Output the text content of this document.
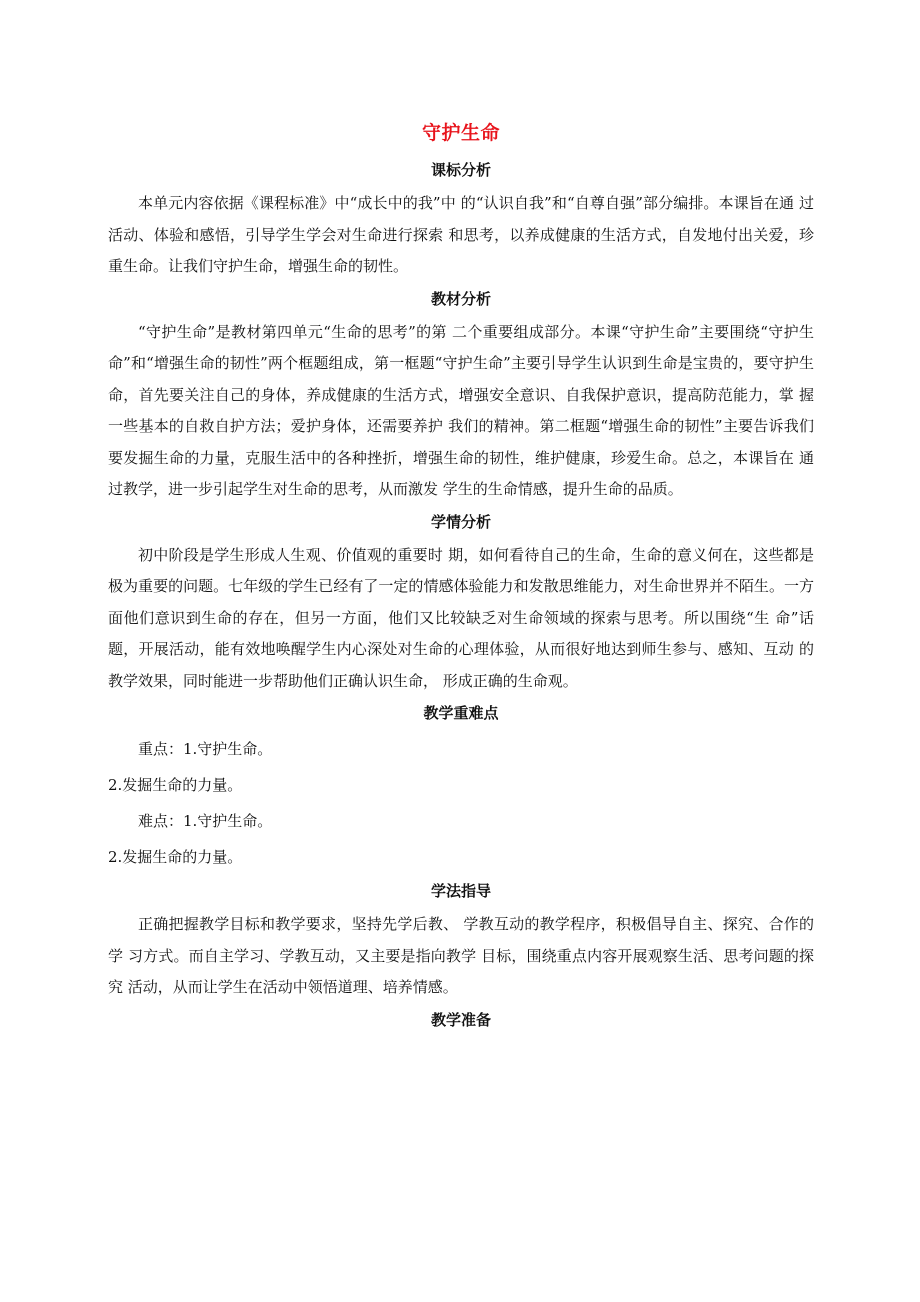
守护生命
课标分析

本单元内容依据《课程标准》中“成长中的我”中 的“认识自我”和“自尊自强”部分编排。本课旨在通 过活动、体验和感悟，引导学生学会对生命进行探索 和思考，以养成健康的生活方式，自发地付出关爱，珍 重生命。让我们守护生命，增强生命的韧性。

教材分析

“守护生命”是教材第四单元“生命的思考”的第 二个重要组成部分。本课“守护生命”主要围绕“守护生命”和“增强生命的韧性”两个框题组成，第一框题“守护生命”主要引导学生认识到生命是宝贵的，要守护生命，首先要关注自己的身体，养成健康的生活方式，增强安全意识、自我保护意识，提高防范能力，掌 握一些基本的自救自护方法；爱护身体，还需要养护 我们的精神。第二框题“增强生命的韧性”主要告诉我们要发掘生命的力量，克服生活中的各种挫折，增强生命的韧性，维护健康，珍爱生命。总之，本课旨在 通过教学，进一步引起学生对生命的思考，从而激发 学生的生命情感，提升生命的品质。

学情分析

初中阶段是学生形成人生观、价值观的重要时 期，如何看待自己的生命，生命的意义何在，这些都是极为重要的问题。七年级的学生已经有了一定的情感体验能力和发散思维能力，对生命世界并不陌生。一方面他们意识到生命的存在，但另一方面，他们又比较缺乏对生命领域的探索与思考。所以围绕“生 命”话题，开展活动，能有效地唤醒学生内心深处对生命的心理体验，从而很好地达到师生参与、感知、互动 的教学效果，同时能进一步帮助他们正确认识生命， 形成正确的生命观。

教学重难点

重点：1.守护生命。

2.发掘生命的力量。

难点：1.守护生命。

2.发掘生命的力量。

学法指导

正确把握教学目标和教学要求，坚持先学后教、 学教互动的教学程序，积极倡导自主、探究、合作的学 习方式。而自主学习、学教互动，又主要是指向教学 目标，围绕重点内容开展观察生活、思考问题的探究 活动，从而让学生在活动中领悟道理、培养情感。

教学准备
